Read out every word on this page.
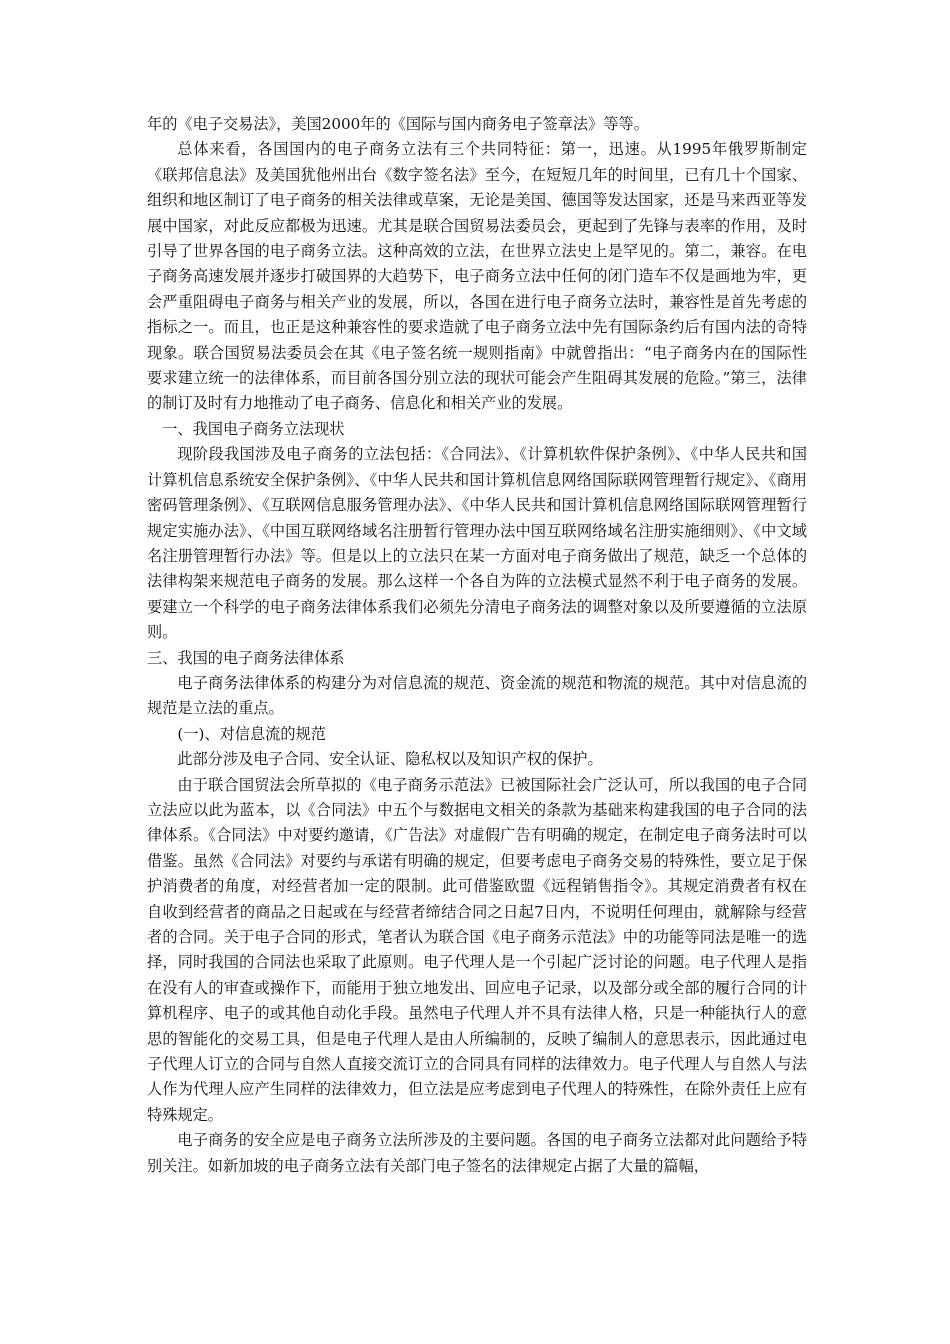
年的《电子交易法》，美国2000年的《国际与国内商务电子签章法》等等。

总体来看，各国国内的电子商务立法有三个共同特征：第一，迅速。从1995年俄罗斯制定《联邦信息法》及美国犹他州出台《数字签名法》至今，在短短几年的时间里，已有几十个国家、组织和地区制订了电子商务的相关法律或草案，无论是美国、德国等发达国家，还是马来西亚等发展中国家，对此反应都极为迅速。尤其是联合国贸易法委员会，更起到了先锋与表率的作用，及时引导了世界各国的电子商务立法。这种高效的立法，在世界立法史上是罕见的。第二，兼容。在电子商务高速发展并逐步打破国界的大趋势下，电子商务立法中任何的闭门造车不仅是画地为牢，更会严重阻碍电子商务与相关产业的发展，所以，各国在进行电子商务立法时，兼容性是首先考虑的指标之一。而且，也正是这种兼容性的要求造就了电子商务立法中先有国际条约后有国内法的奇特现象。联合国贸易法委员会在其《电子签名统一规则指南》中就曾指出：“电子商务内在的国际性要求建立统一的法律体系，而目前各国分别立法的现状可能会产生阻碍其发展的危险。”第三，法律的制订及时有力地推动了电子商务、信息化和相关产业的发展。

一、我国电子商务立法现状

现阶段我国涉及电子商务的立法包括：《合同法》、《计算机软件保护条例》、《中华人民共和国计算机信息系统安全保护条例》、《中华人民共和国计算机信息网络国际联网管理暂行规定》、《商用密码管理条例》、《互联网信息服务管理办法》、《中华人民共和国计算机信息网络国际联网管理暂行规定实施办法》、《中国互联网络域名注册暂行管理办法中国互联网络域名注册实施细则》、《中文域名注册管理暂行办法》等。但是以上的立法只在某一方面对电子商务做出了规范，缺乏一个总体的法律构架来规范电子商务的发展。那么这样一个各自为阵的立法模式显然不利于电子商务的发展。要建立一个科学的电子商务法律体系我们必须先分清电子商务法的调整对象以及所要遵循的立法原则。

三、我国的电子商务法律体系

电子商务法律体系的构建分为对信息流的规范、资金流的规范和物流的规范。其中对信息流的规范是立法的重点。

(一)、对信息流的规范

此部分涉及电子合同、安全认证、隐私权以及知识产权的保护。

由于联合国贸法会所草拟的《电子商务示范法》已被国际社会广泛认可，所以我国的电子合同立法应以此为蓝本，以《合同法》中五个与数据电文相关的条款为基础来构建我国的电子合同的法律体系。《合同法》中对要约邀请，《广告法》对虚假广告有明确的规定，在制定电子商务法时可以借鉴。虽然《合同法》对要约与承诺有明确的规定，但要考虑电子商务交易的特殊性，要立足于保护消费者的角度，对经营者加一定的限制。此可借鉴欧盟《远程销售指令》。其规定消费者有权在自收到经营者的商品之日起或在与经营者缔结合同之日起7日内，不说明任何理由，就解除与经营者的合同。关于电子合同的形式，笔者认为联合国《电子商务示范法》中的功能等同法是唯一的选择，同时我国的合同法也采取了此原则。电子代理人是一个引起广泛讨论的问题。电子代理人是指在没有人的审查或操作下，而能用于独立地发出、回应电子记录，以及部分或全部的履行合同的计算机程序、电子的或其他自动化手段。虽然电子代理人并不具有法律人格，只是一种能执行人的意思的智能化的交易工具，但是电子代理人是由人所编制的，反映了编制人的意思表示，因此通过电子代理人订立的合同与自然人直接交流订立的合同具有同样的法律效力。电子代理人与自然人与法人作为代理人应产生同样的法律效力，但立法是应考虑到电子代理人的特殊性，在除外责任上应有特殊规定。

电子商务的安全应是电子商务立法所涉及的主要问题。各国的电子商务立法都对此问题给予特别关注。如新加坡的电子商务立法有关部门电子签名的法律规定占据了大量的篇幅，
